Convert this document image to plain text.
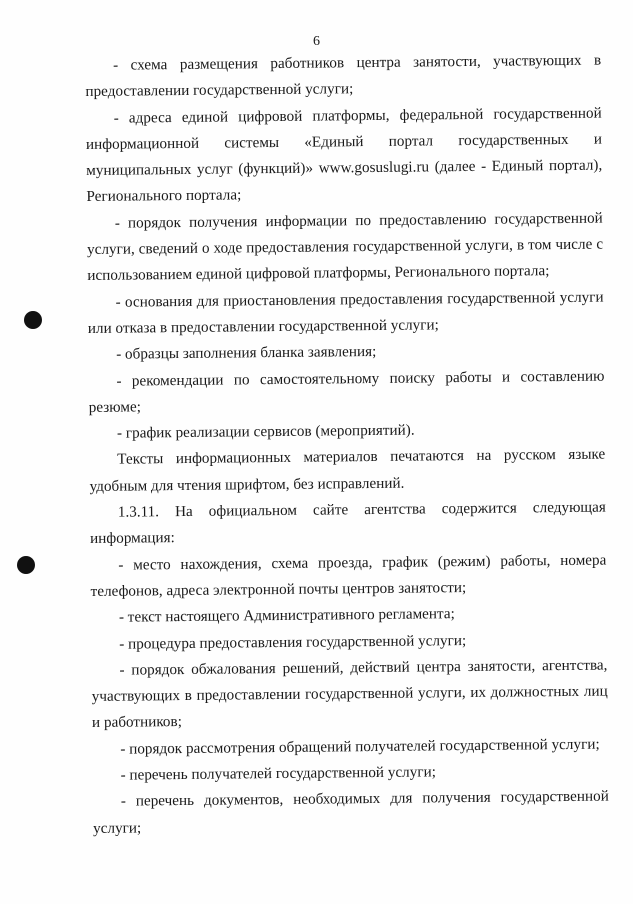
6

- схема размещения работников центра занятости, участвующих в предоставлении государственной услуги;

- адреса единой цифровой платформы, федеральной государственной информационной системы «Единый портал государственных и муниципальных услуг (функций)» www.gosuslugi.ru (далее - Единый портал), Регионального портала;

- порядок получения информации по предоставлению государственной услуги, сведений о ходе предоставления государственной услуги, в том числе с использованием единой цифровой платформы, Регионального портала;

- основания для приостановления предоставления государственной услуги или отказа в предоставлении государственной услуги;

- образцы заполнения бланка заявления;

- рекомендации по самостоятельному поиску работы и составлению резюме;

- график реализации сервисов (мероприятий).

Тексты информационных материалов печатаются на русском языке удобным для чтения шрифтом, без исправлений.

1.3.11. На официальном сайте агентства содержится следующая информация:

- место нахождения, схема проезда, график (режим) работы, номера телефонов, адреса электронной почты центров занятости;

- текст настоящего Административного регламента;

- процедура предоставления государственной услуги;

- порядок обжалования решений, действий центра занятости, агентства, участвующих в предоставлении государственной услуги, их должностных лиц и работников;

- порядок рассмотрения обращений получателей государственной услуги;

- перечень получателей государственной услуги;

- перечень документов, необходимых для получения государственной услуги;
